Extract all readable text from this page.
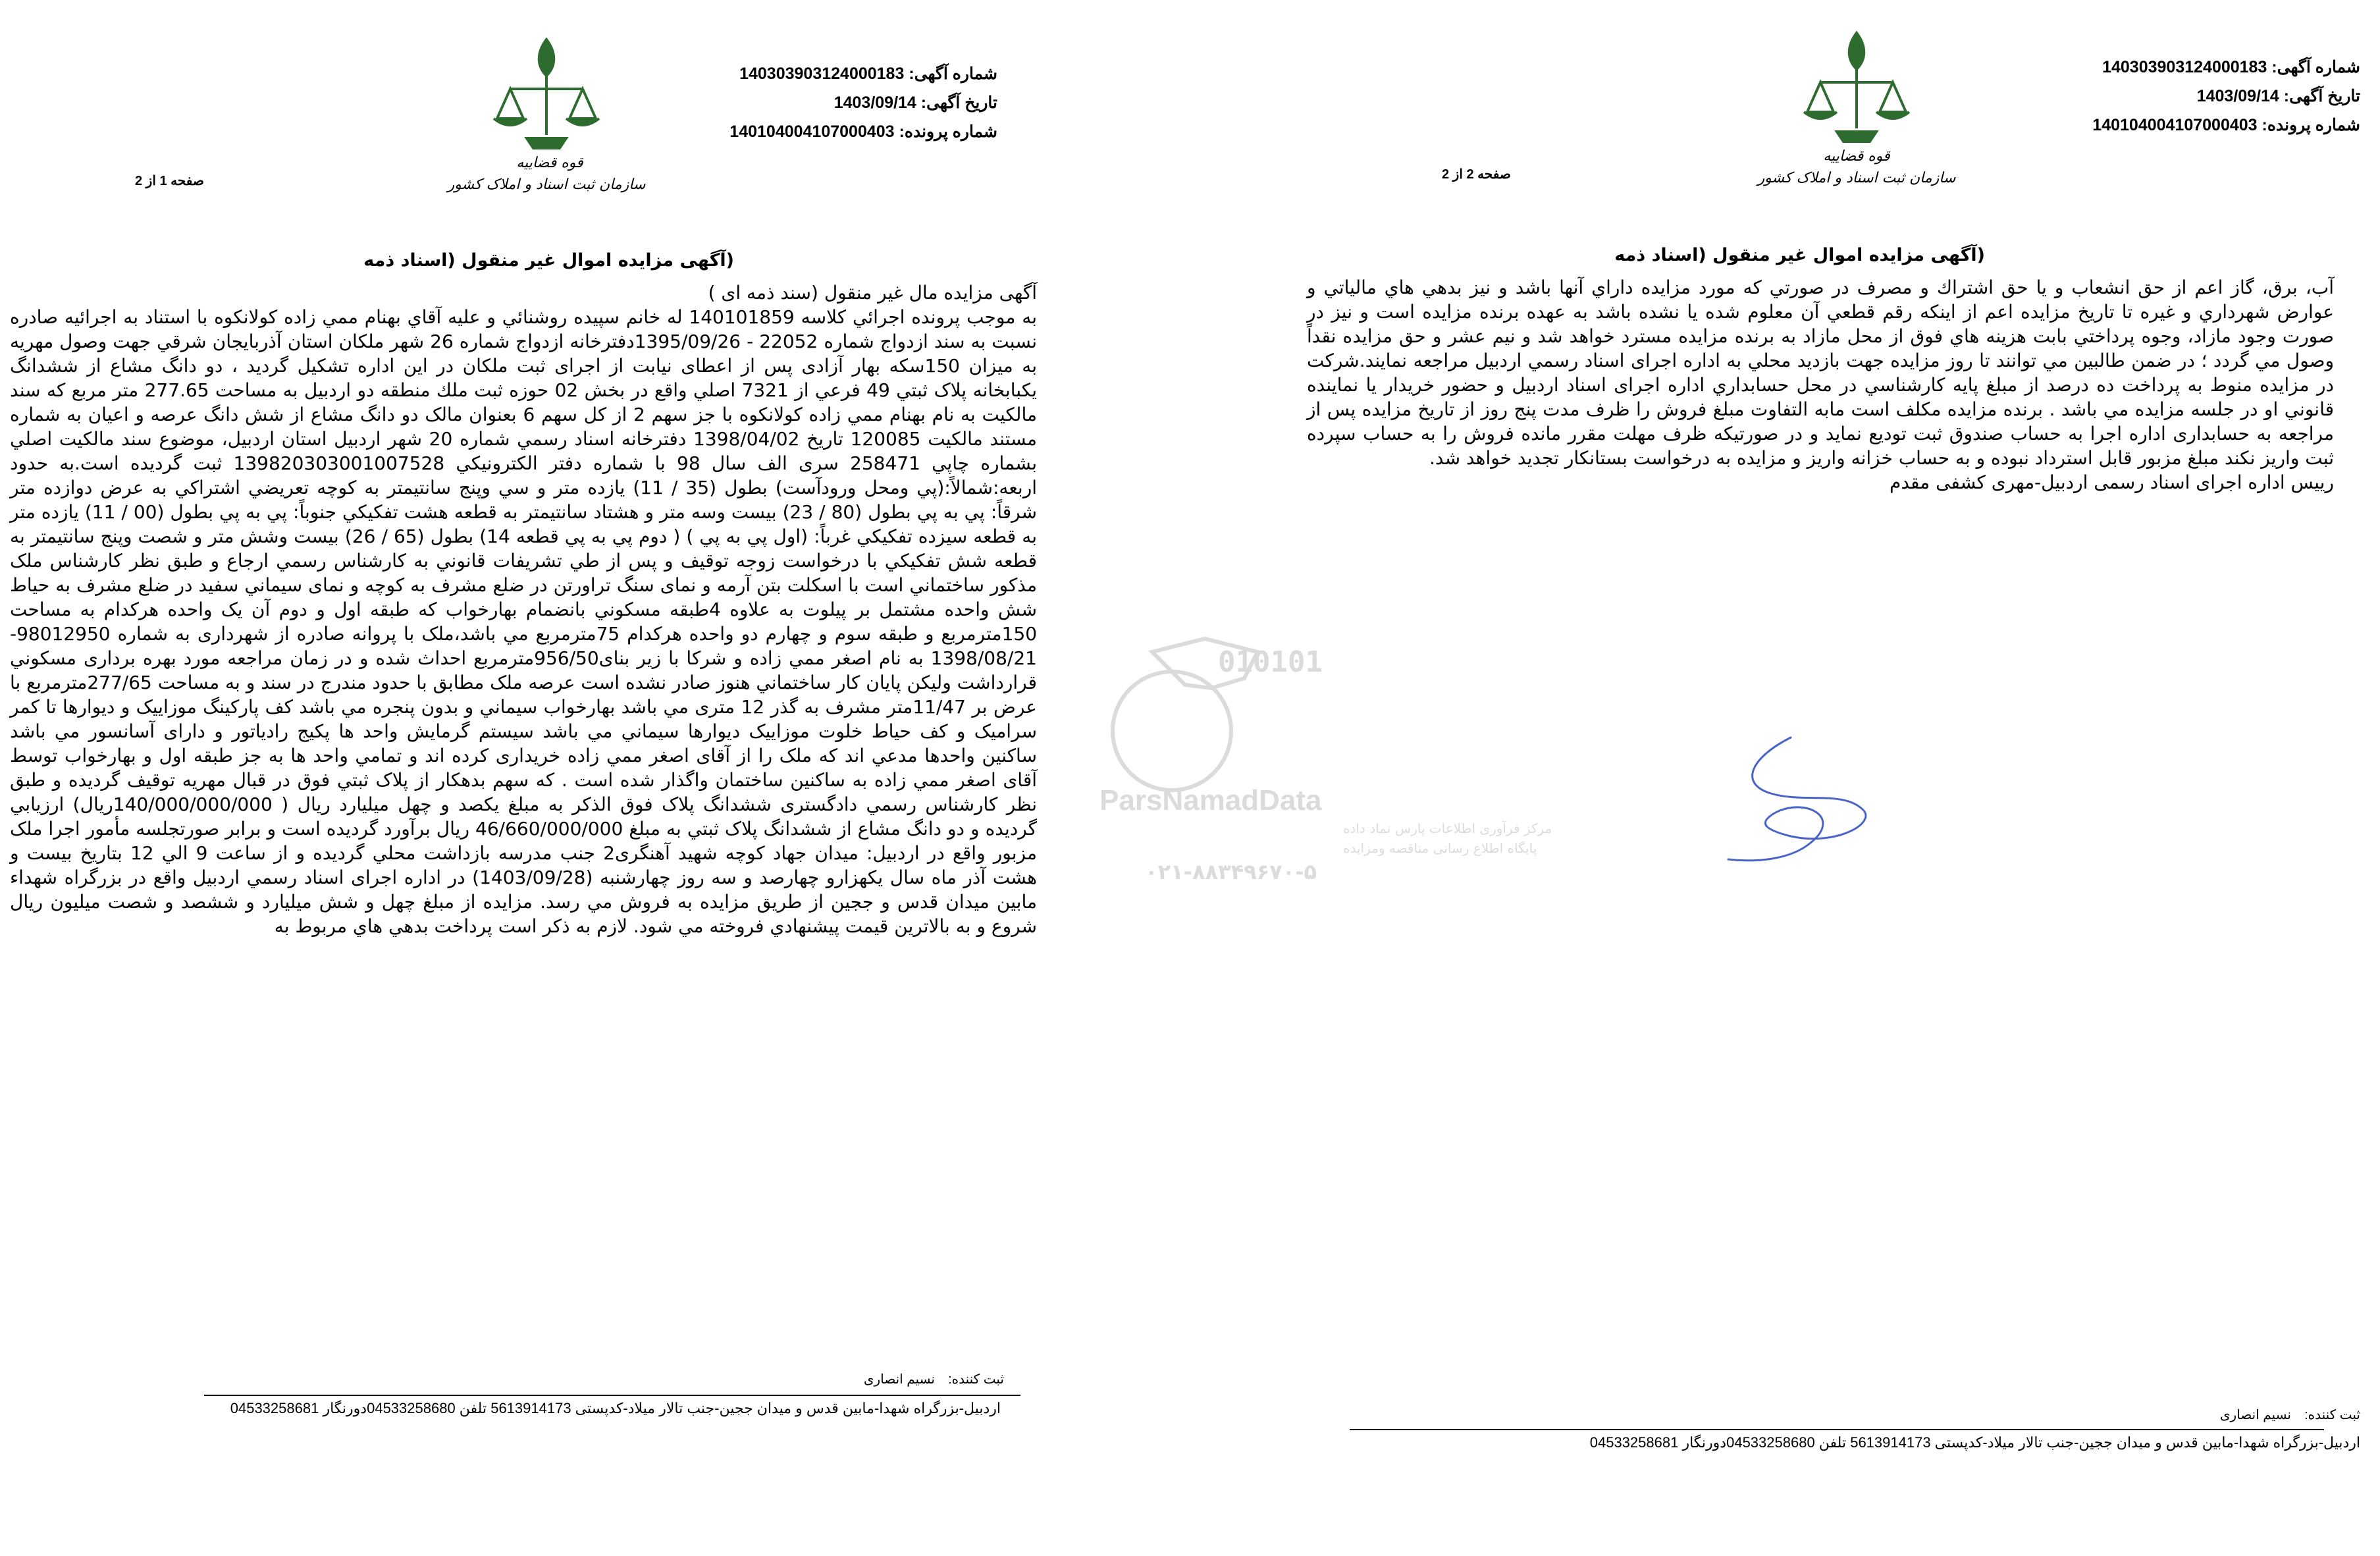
قوه قضاییه
سازمان ثبت اسناد و املاک کشور
شماره آگهی: 140303903124000183
تاریخ آگهی: 1403/09/14
شماره پرونده: 140104004107000403
صفحه 1 از 2
(آگهی مزایده اموال غیر منقول (اسناد ذمه

آگهی مزایده مال غیر منقول (سند ذمه ای )

به موجب پرونده اجرائي كلاسه 140101859 له خانم سپیده روشنائي و علیه آقاي بهنام ممي زاده كولانكوه با استناد به اجرائیه صادره نسبت به سند ازدواج شماره 22052 - 1395/09/26دفترخانه ازدواج شماره 26 شهر ملكان استان آذربایجان شرقي جهت وصول مهریه به میزان 150سكه بهار آزادی پس از اعطای نیابت از اجرای ثبت ملكان در این اداره تشكیل گردید ، دو دانگ مشاع از ششدانگ یكبابخانه پلاک ثبتي 49 فرعي از 7321 اصلي واقع در بخش 02 حوزه ثبت ملك منطقه دو اردبیل به مساحت 277.65 متر مربع كه سند مالكیت به نام بهنام ممي زاده كولانكوه با جز سهم 2 از كل سهم 6 بعنوان مالک دو دانگ مشاع از شش دانگ عرصه و اعیان به شماره مستند مالكیت 120085 تاریخ 1398/04/02 دفترخانه اسناد رسمي شماره 20 شهر اردبیل استان اردبیل، موضوع سند مالكیت اصلي بشماره چاپي 258471 سری الف سال 98 با شماره دفتر الكترونیكي 139820303001007528 ثبت گردیده است.به حدود اربعه:شمالاً:(پي ومحل ورودآست) بطول (35 / 11) یازده متر و سي وپنج سانتیمتر به كوچه تعریضي اشتراكي به عرض دوازده متر شرقاً: پي به پي بطول (80 / 23) بیست وسه متر و هشتاد سانتیمتر به قطعه هشت تفكیكي جنوباً: پي به پي بطول (00 / 11) یازده متر به قطعه سیزده تفكیكي غرباً: (اول پي به پي ) ( دوم پي به پي قطعه 14) بطول (65 / 26) بیست وشش متر و شصت وپنج سانتیمتر به قطعه شش تفكیكي با درخواست زوجه توقیف و پس از طي تشریفات قانوني به كارشناس رسمي ارجاع و طبق نظر كارشناس ملک مذكور ساختماني است با اسكلت بتن آرمه و نمای سنگ تراورتن در ضلع مشرف به كوچه و نمای سیماني سفید در ضلع مشرف به حیاط شش واحده مشتمل بر پیلوت به علاوه 4طبقه مسكوني بانضمام بهارخواب كه طبقه اول و دوم آن یک واحده هركدام به مساحت 150مترمربع و طبقه سوم و چهارم دو واحده هركدام 75مترمربع مي باشد،ملک با پروانه صادره از شهرداری به شماره 98012950-1398/08/21 به نام اصغر ممي زاده و شركا با زیر بنای956/50مترمربع احداث شده و در زمان مراجعه مورد بهره برداری مسكوني قرارداشت ولیكن پایان كار ساختماني هنوز صادر نشده است عرصه ملک مطابق با حدود مندرج در سند و به مساحت 277/65مترمربع با عرض بر 11/47متر مشرف به گذر 12 متری مي باشد بهارخواب سیماني و بدون پنجره مي باشد كف پاركینگ موزاییک و دیوارها تا كمر سرامیک و كف حیاط خلوت موزاییک دیوارها سیماني مي باشد سیستم گرمایش واحد ها پكیج رادیاتور و دارای آسانسور مي باشد ساكنین واحدها مدعي اند كه ملک را از آقای اصغر ممي زاده خریداری كرده اند و تمامي واحد ها به جز طبقه اول و بهارخواب توسط آقای اصغر ممي زاده به ساكنین ساختمان واگذار شده است . كه سهم بدهكار از پلاک ثبتي فوق در قبال مهریه توقیف گردیده و طبق نظر كارشناس رسمي دادگستری ششدانگ پلاک فوق الذكر به مبلغ یكصد و چهل میلیارد ریال ( 140/000/000/000ریال) ارزیابي گردیده و دو دانگ مشاع از ششدانگ پلاک ثبتي به مبلغ 46/660/000/000 ریال برآورد گردیده است و برابر صورتجلسه مأمور اجرا ملک مزبور واقع در اردبیل: میدان جهاد كوچه شهید آهنگری2 جنب مدرسه بازداشت محلي گردیده و از ساعت 9 الي 12 بتاریخ بیست و هشت آذر ماه سال یكهزارو چهارصد و سه روز چهارشنبه (1403/09/28) در اداره اجرای اسناد رسمي اردبیل واقع در بزرگراه شهداء مابین میدان قدس و ججین از طریق مزایده به فروش مي رسد. مزایده از مبلغ چهل و شش میلیارد و ششصد و شصت میلیون ریال شروع و به بالاترین قیمت پیشنهادي فروخته مي شود. لازم به ذكر است پرداخت بدهي هاي مربوط به

ثبت کننده:
نسیم انصاری
اردبیل-بزرگراه شهدا-مابین قدس و میدان ججین-جنب تالار میلاد-کدپستی 5613914173 تلفن 04533258680دورنگار 04533258681
قوه قضاییه
سازمان ثبت اسناد و املاک کشور
شماره آگهی: 140303903124000183
تاریخ آگهی: 1403/09/14
شماره پرونده: 140104004107000403
صفحه 2 از 2
(آگهی مزایده اموال غیر منقول (اسناد ذمه

آب، برق، گاز اعم از حق انشعاب و یا حق اشتراك و مصرف در صورتي كه مورد مزایده داراي آنها باشد و نیز بدهي هاي مالیاتي و عوارض شهرداري و غیره تا تاریخ مزایده اعم از اینكه رقم قطعي آن معلوم شده یا نشده باشد به عهده برنده مزایده است و نیز در صورت وجود مازاد، وجوه پرداختي بابت هزینه هاي فوق از محل مازاد به برنده مزایده مسترد خواهد شد و نیم عشر و حق مزایده نقداً وصول مي گردد ؛ در ضمن طالبین مي توانند تا روز مزایده جهت بازدید محلي به اداره اجرای اسناد رسمي اردبیل مراجعه نمایند.شركت در مزایده منوط به پرداخت ده درصد از مبلغ پایه كارشناسي در محل حسابداري اداره اجرای اسناد اردبیل و حضور خریدار یا نماینده قانوني او در جلسه مزایده مي باشد . برنده مزایده مكلف است مابه التفاوت مبلغ فروش را ظرف مدت پنج روز از تاریخ مزایده پس از مراجعه به حسابداری اداره اجرا به حساب صندوق ثبت تودیع نماید و در صورتیكه ظرف مهلت مقرر مانده فروش را به حساب سپرده ثبت واریز نكند مبلغ مزبور قابل استرداد نبوده و به حساب خزانه واریز و مزایده به درخواست بستانكار تجدید خواهد شد.

رییس اداره اجرای اسناد رسمی اردبیل-مهری کشفی مقدم

ثبت کننده:
نسیم انصاری
اردبیل-بزرگراه شهدا-مابین قدس و میدان ججین-جنب تالار میلاد-کدپستی 5613914173 تلفن 04533258680دورنگار 04533258681
010101
ParsNamadData
مرکز فرآوری اطلاعات پارس نماد داده
پایگاه اطلاع رسانی مناقصه ومزایده
۰۲۱-۸۸۳۴۹۶۷۰-۵
